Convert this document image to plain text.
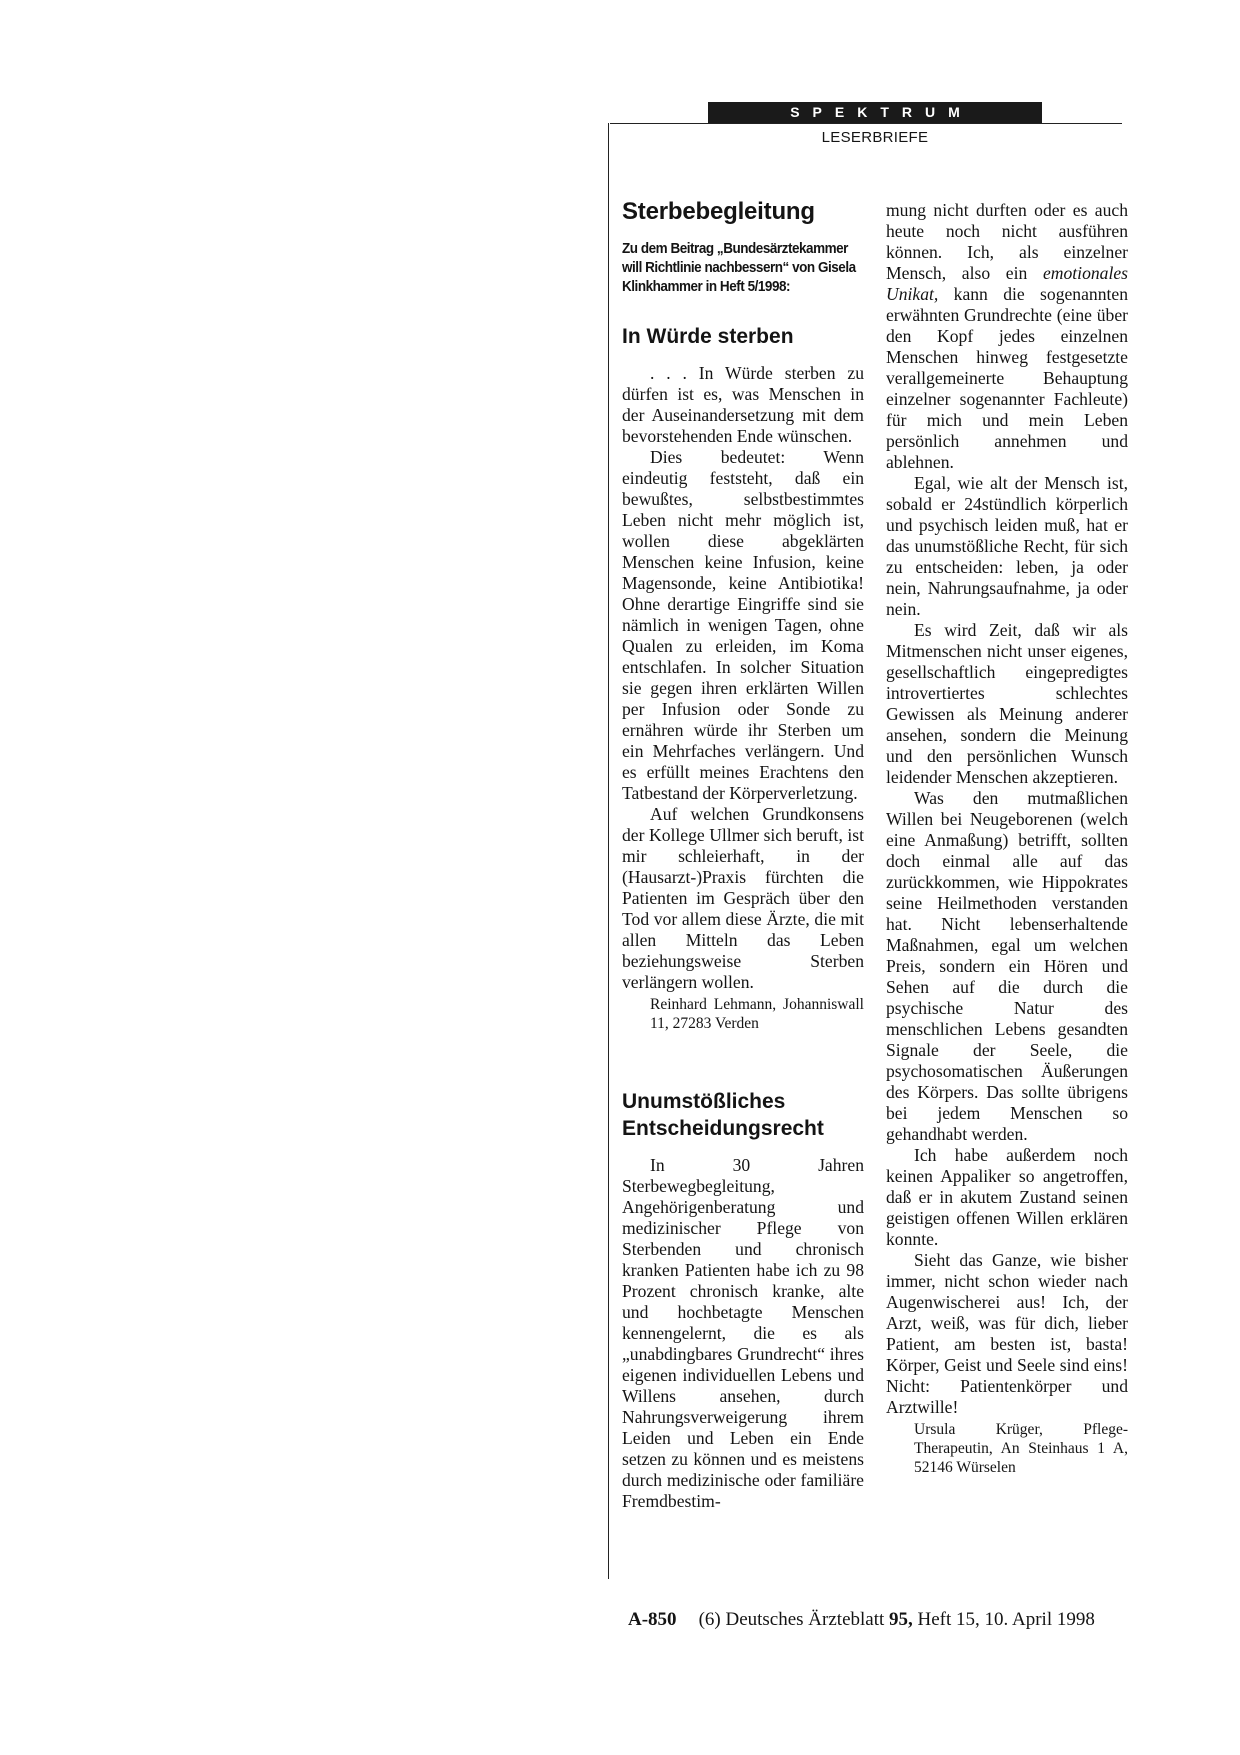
SPEKTRUM
LESERBRIEFE
Sterbebegleitung
Zu dem Beitrag „Bundesärztekammer will Richtlinie nachbessern“ von Gisela Klinkhammer in Heft 5/1998:
In Würde sterben

. . . In Würde sterben zu dürfen ist es, was Menschen in der Auseinandersetzung mit dem bevorstehenden Ende wünschen.

Dies bedeutet: Wenn eindeutig feststeht, daß ein bewußtes, selbstbestimmtes Leben nicht mehr möglich ist, wollen diese abgeklärten Menschen keine Infusion, keine Magensonde, keine Antibiotika! Ohne derartige Eingriffe sind sie nämlich in wenigen Tagen, ohne Qualen zu erleiden, im Koma entschlafen. In solcher Situation sie gegen ihren erklärten Willen per Infusion oder Sonde zu ernähren würde ihr Sterben um ein Mehrfaches verlängern. Und es erfüllt meines Erachtens den Tatbestand der Körperverletzung.

Auf welchen Grundkonsens der Kollege Ullmer sich beruft, ist mir schleierhaft, in der (Hausarzt-)Praxis fürchten die Patienten im Gespräch über den Tod vor allem diese Ärzte, die mit allen Mitteln das Leben beziehungsweise Sterben verlängern wollen.

Reinhard Lehmann, Johanniswall 11, 27283 Verden
Unumstößliches Entscheidungsrecht

In 30 Jahren Sterbewegbegleitung, Angehörigenberatung und medizinischer Pflege von Sterbenden und chronisch kranken Patienten habe ich zu 98 Prozent chronisch kranke, alte und hochbetagte Menschen kennengelernt, die es als „unabdingbares Grundrecht“ ihres eigenen individuellen Lebens und Willens ansehen, durch Nahrungsverweigerung ihrem Leiden und Leben ein Ende setzen zu können und es meistens durch medizinische oder familiäre Fremdbestim-

mung nicht durften oder es auch heute noch nicht ausführen können. Ich, als einzelner Mensch, also ein emotionales Unikat, kann die sogenannten erwähnten Grundrechte (eine über den Kopf jedes einzelnen Menschen hinweg festgesetzte verallgemeinerte Behauptung einzelner sogenannter Fachleute) für mich und mein Leben persönlich annehmen und ablehnen.

Egal, wie alt der Mensch ist, sobald er 24stündlich körperlich und psychisch leiden muß, hat er das unumstößliche Recht, für sich zu entscheiden: leben, ja oder nein, Nahrungsaufnahme, ja oder nein.

Es wird Zeit, daß wir als Mitmenschen nicht unser eigenes, gesellschaftlich eingepredigtes introvertiertes schlechtes Gewissen als Meinung anderer ansehen, sondern die Meinung und den persönlichen Wunsch leidender Menschen akzeptieren.

Was den mutmaßlichen Willen bei Neugeborenen (welch eine Anmaßung) betrifft, sollten doch einmal alle auf das zurückkommen, wie Hippokrates seine Heilmethoden verstanden hat. Nicht lebenserhaltende Maßnahmen, egal um welchen Preis, sondern ein Hören und Sehen auf die durch die psychische Natur des menschlichen Lebens gesandten Signale der Seele, die psychosomatischen Äußerungen des Körpers. Das sollte übrigens bei jedem Menschen so gehandhabt werden.

Ich habe außerdem noch keinen Appaliker so angetroffen, daß er in akutem Zustand seinen geistigen offenen Willen erklären konnte.

Sieht das Ganze, wie bisher immer, nicht schon wieder nach Augenwischerei aus! Ich, der Arzt, weiß, was für dich, lieber Patient, am besten ist, basta! Körper, Geist und Seele sind eins! Nicht: Patientenkörper und Arztwille!

Ursula Krüger, Pflege-Therapeutin, An Steinhaus 1 A, 52146 Würselen
A-850 (6) Deutsches Ärzteblatt 95, Heft 15, 10. April 1998
